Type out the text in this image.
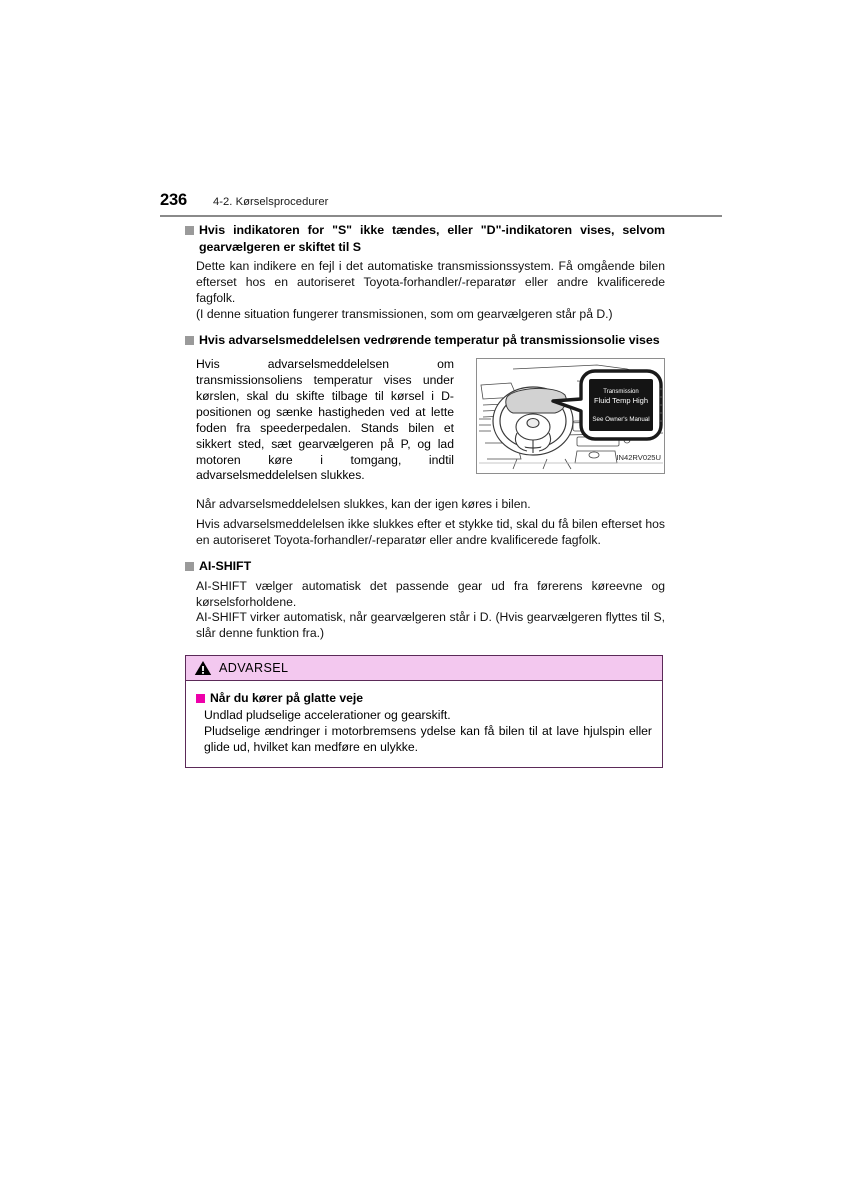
236 4-2. Kørselsprocedurer
Hvis indikatoren for "S" ikke tændes, eller "D"-indikatoren vises, selvom gearvælgeren er skiftet til S

Dette kan indikere en fejl i det automatiske transmissionssystem. Få omgående bilen efterset hos en autoriseret Toyota-forhandler/-reparatør eller andre kvalificerede fagfolk.

(I denne situation fungerer transmissionen, som om gearvælgeren står på D.)

Hvis advarselsmeddelelsen vedrørende temperatur på transmissionsolie vises
Hvis advarselsmeddelelsen om transmissionsoliens temperatur vises under kørslen, skal du skifte tilbage til kørsel i D-positionen og sænke hastigheden ved at lette foden fra speederpedalen. Stands bilen et sikkert sted, sæt gearvælgeren på P, og lad motoren køre i tomgang, indtil advarselsmeddelelsen slukkes.
Transmission
Fluid Temp High
See Owner's Manual
IN42RV025U

Når advarselsmeddelelsen slukkes, kan der igen køres i bilen.

Hvis advarselsmeddelelsen ikke slukkes efter et stykke tid, skal du få bilen efterset hos en autoriseret Toyota-forhandler/-reparatør eller andre kvalificerede fagfolk.

AI-SHIFT

AI-SHIFT vælger automatisk det passende gear ud fra førerens køreevne og kørselsforholdene.

AI-SHIFT virker automatisk, når gearvælgeren står i D. (Hvis gearvælgeren flyttes til S, slår denne funktion fra.)

ADVARSEL
Når du kører på glatte veje

Undlad pludselige accelerationer og gearskift.

Pludselige ændringer i motorbremsens ydelse kan få bilen til at lave hjulspin eller glide ud, hvilket kan medføre en ulykke.
